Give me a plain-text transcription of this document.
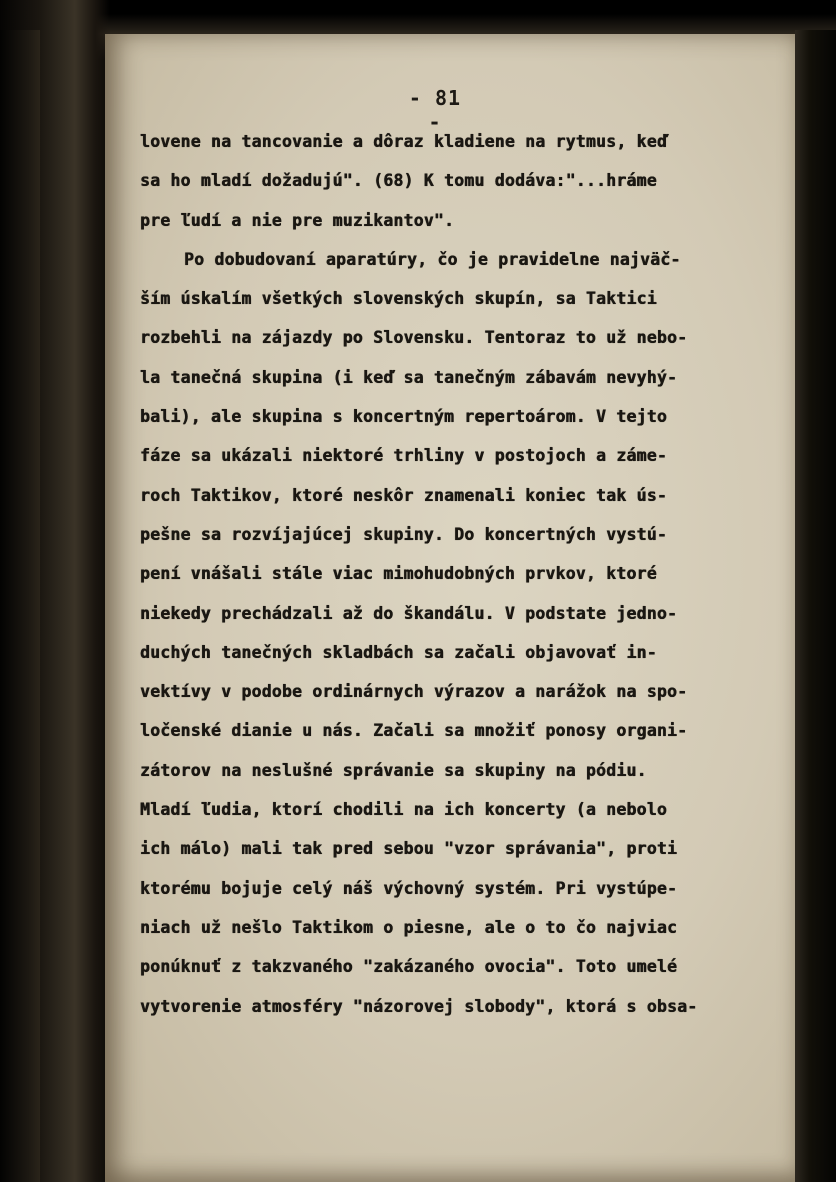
- 81 -
lovene na tancovanie a dôraz kladiene na rytmus, keď
sa ho mladí dožadujú". (68) K tomu dodáva:"...hráme
pre ľudí a nie pre muzikantov".
Po dobudovaní aparatúry, čo je pravidelne najväč-
ším úskalím všetkých slovenských skupín, sa Taktici
rozbehli na zájazdy po Slovensku. Tentoraz to už nebo-
la tanečná skupina (i keď sa tanečným zábavám nevyhý-
bali), ale skupina s koncertným repertoárom. V tejto
fáze sa ukázali niektoré trhliny v postojoch a záme-
roch Taktikov, ktoré neskôr znamenali koniec tak ús-
pešne sa rozvíjajúcej skupiny. Do koncertných vystú-
pení vnášali stále viac mimohudobných prvkov, ktoré
niekedy prechádzali až do škandálu. V podstate jedno-
duchých tanečných skladbách sa začali objavovať in-
vektívy v podobe ordinárnych výrazov a narážok na spo-
ločenské dianie u nás. Začali sa množiť ponosy organi-
zátorov na neslušné správanie sa skupiny na pódiu.
Mladí ľudia, ktorí chodili na ich koncerty (a nebolo
ich málo) mali tak pred sebou "vzor správania", proti
ktorému bojuje celý náš výchovný systém. Pri vystúpe-
niach už nešlo Taktikom o piesne, ale o to čo najviac
ponúknuť z takzvaného "zakázaného ovocia". Toto umelé
vytvorenie atmosféry "názorovej slobody", ktorá s obsa-
